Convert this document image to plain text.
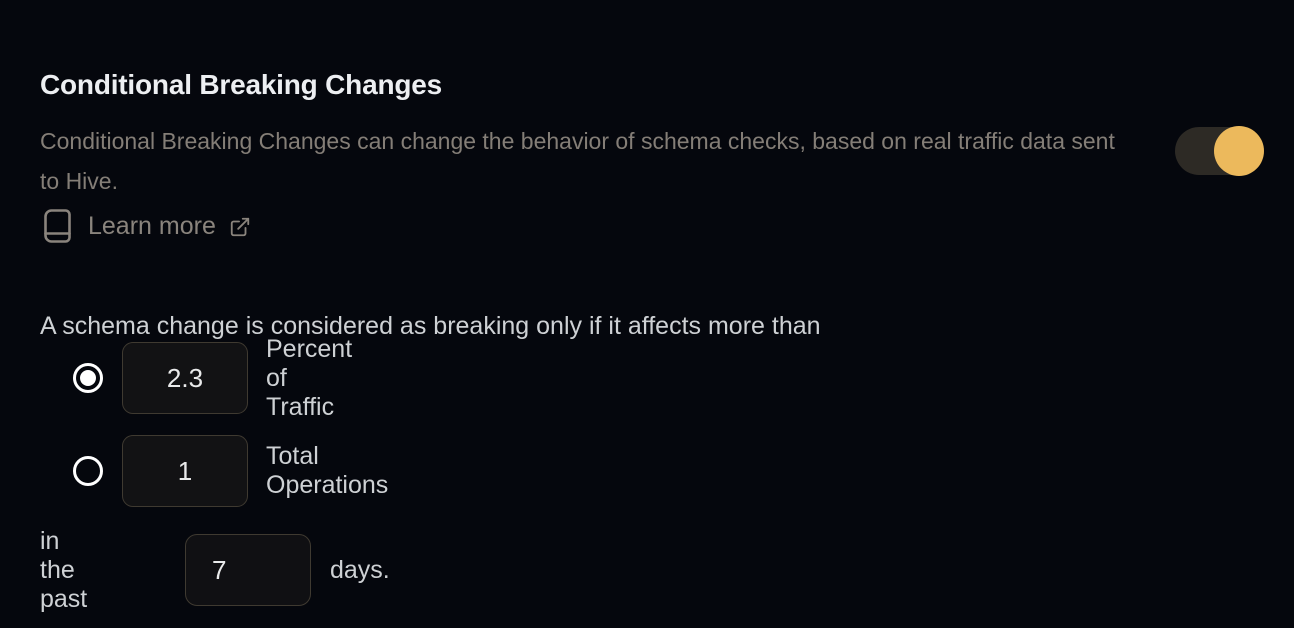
Conditional Breaking Changes

Conditional Breaking Changes can change the behavior of schema checks, based on real traffic data sent to Hive.

Learn more

A schema change is considered as breaking only if it affects more than

2.3
Percent of Traffic
1
Total Operations
in the past
7
days.
